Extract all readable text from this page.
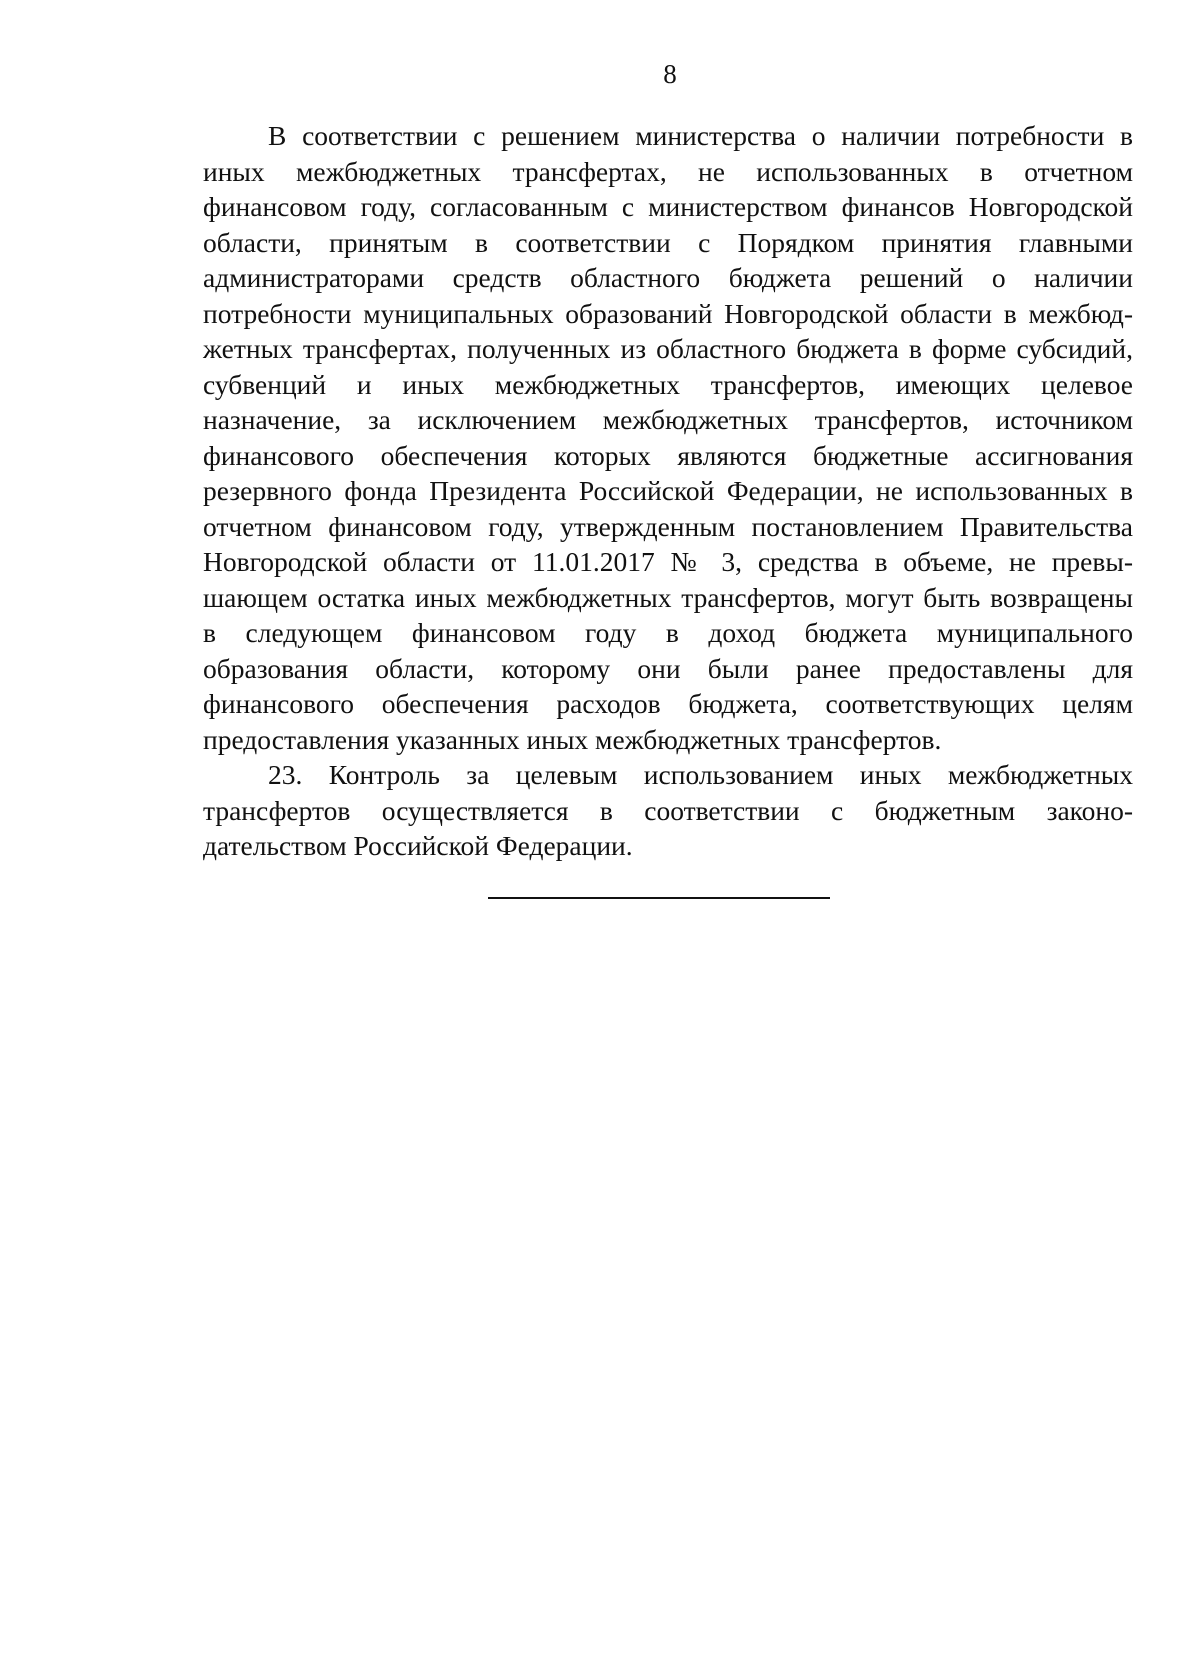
8
В соответствии с решением министерства о наличии потребности в
иных межбюджетных трансфертах, не использованных в отчетном
финансовом году, согласованным с министерством финансов Новгородской
области, принятым в соответствии с Порядком принятия главными
администраторами средств областного бюджета решений о наличии
потребности муниципальных образований Новгородской области в межбюд-
жетных трансфертах, полученных из областного бюджета в форме субсидий,
субвенций и иных межбюджетных трансфертов, имеющих целевое
назначение, за исключением межбюджетных трансфертов, источником
финансового обеспечения которых являются бюджетные ассигнования
резервного фонда Президента Российской Федерации, не использованных в
отчетном финансовом году, утвержденным постановлением Правительства
Новгородской области от 11.01.2017 № 3, средства в объеме, не превы-
шающем остатка иных межбюджетных трансфертов, могут быть возвращены
в следующем финансовом году в доход бюджета муниципального
образования области, которому они были ранее предоставлены для
финансового обеспечения расходов бюджета, соответствующих целям
предоставления указанных иных межбюджетных трансфертов.
23. Контроль за целевым использованием иных межбюджетных
трансфертов осуществляется в соответствии с бюджетным законо-
дательством Российской Федерации.
